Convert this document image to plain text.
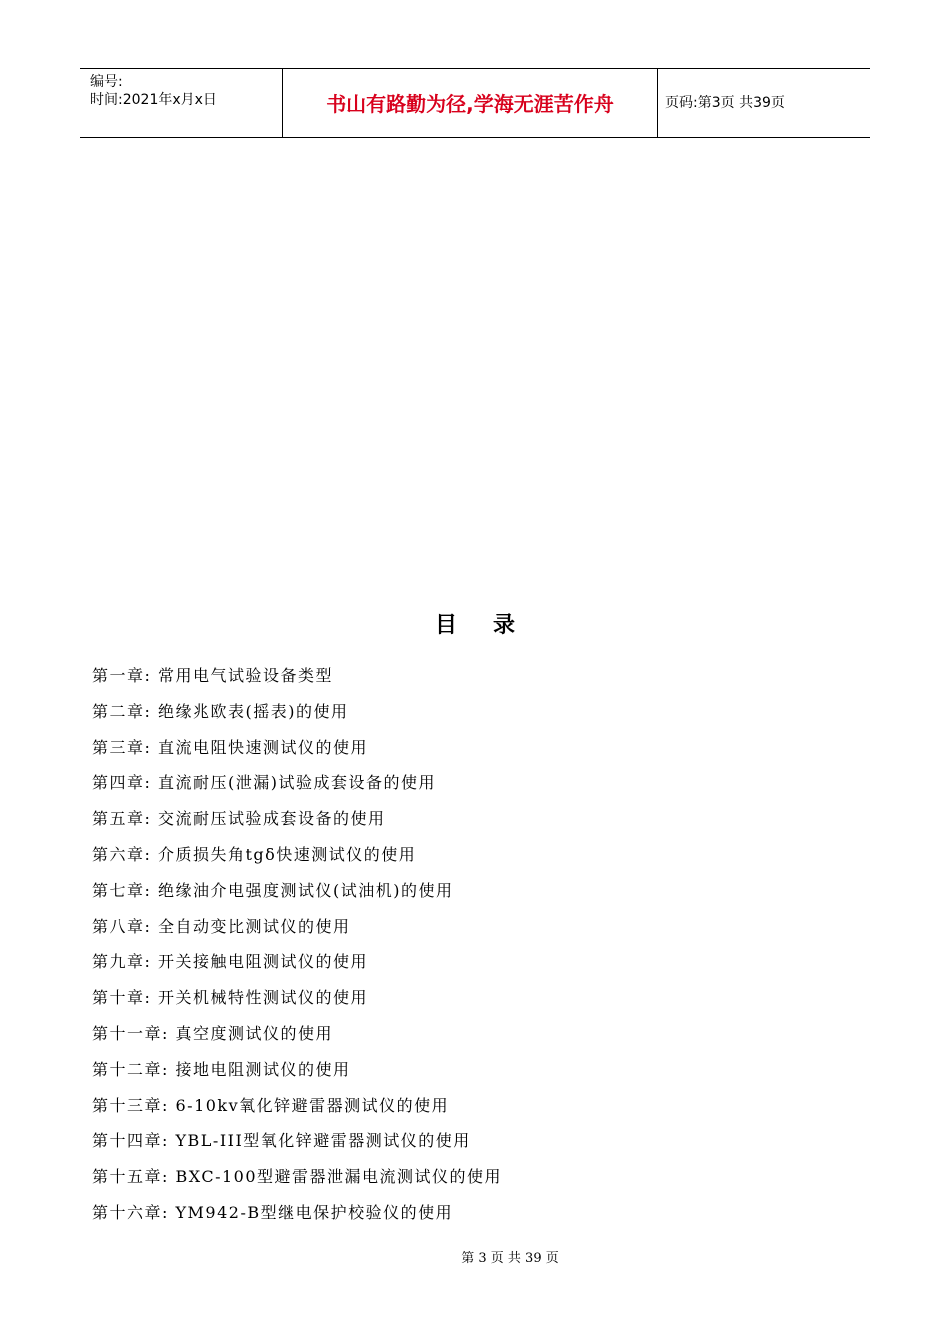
编号:
时间:2021年x月x日	书山有路勤为径,学海无涯苦作舟	页码:第3页 共39页
目录
第一章: 常用电气试验设备类型
第二章: 绝缘兆欧表(摇表)的使用
第三章: 直流电阻快速测试仪的使用
第四章: 直流耐压(泄漏)试验成套设备的使用
第五章: 交流耐压试验成套设备的使用
第六章: 介质损失角tgδ快速测试仪的使用
第七章: 绝缘油介电强度测试仪(试油机)的使用
第八章: 全自动变比测试仪的使用
第九章: 开关接触电阻测试仪的使用
第十章: 开关机械特性测试仪的使用
第十一章: 真空度测试仪的使用
第十二章: 接地电阻测试仪的使用
第十三章: 6-10kv氧化锌避雷器测试仪的使用
第十四章: YBL-III型氧化锌避雷器测试仪的使用
第十五章: BXC-100型避雷器泄漏电流测试仪的使用
第十六章: YM942-B型继电保护校验仪的使用
第 3 页 共 39 页
